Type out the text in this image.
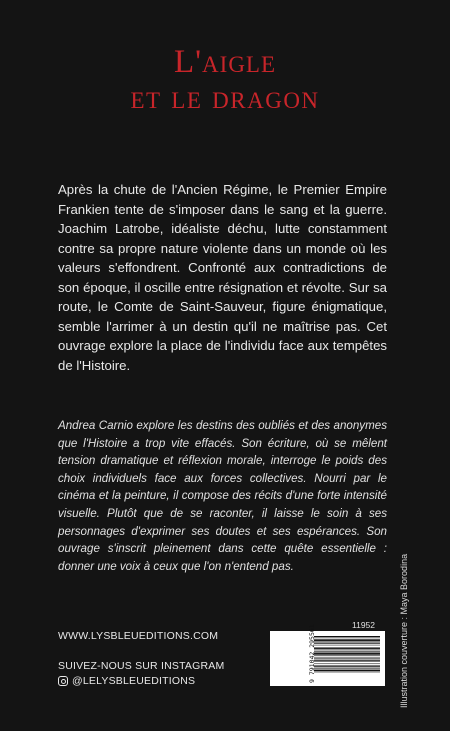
L'aigle
et le dragon
Après la chute de l'Ancien Régime, le Premier Empire Frankien tente de s'imposer dans le sang et la guerre. Joachim Latrobe, idéaliste déchu, lutte constamment contre sa propre nature violente dans un monde où les valeurs s'effondrent. Confronté aux contradictions de son époque, il oscille entre résignation et révolte. Sur sa route, le Comte de Saint-Sauveur, figure énigmatique, semble l'arrimer à un destin qu'il ne maîtrise pas. Cet ouvrage explore la place de l'individu face aux tempêtes de l'Histoire.
Andrea Carnio explore les destins des oubliés et des anonymes que l'Histoire a trop vite effacés. Son écriture, où se mêlent tension dramatique et réflexion morale, interroge le poids des choix individuels face aux forces collectives. Nourri par le cinéma et la peinture, il compose des récits d'une forte intensité visuelle. Plutôt que de se raconter, il laisse le soin à ses personnages d'exprimer ses doutes et ses espérances. Son ouvrage s'inscrit pleinement dans cette quête essentielle : donner une voix à ceux que l'on n'entend pas.	Illustration couverture : Maya Borodina
WWW.LYSBLEUEDITIONS.COM
SUIVEZ-NOUS SUR INSTAGRAM
@LELYSBLEUEDITIONS
11952
9 791042 295561
